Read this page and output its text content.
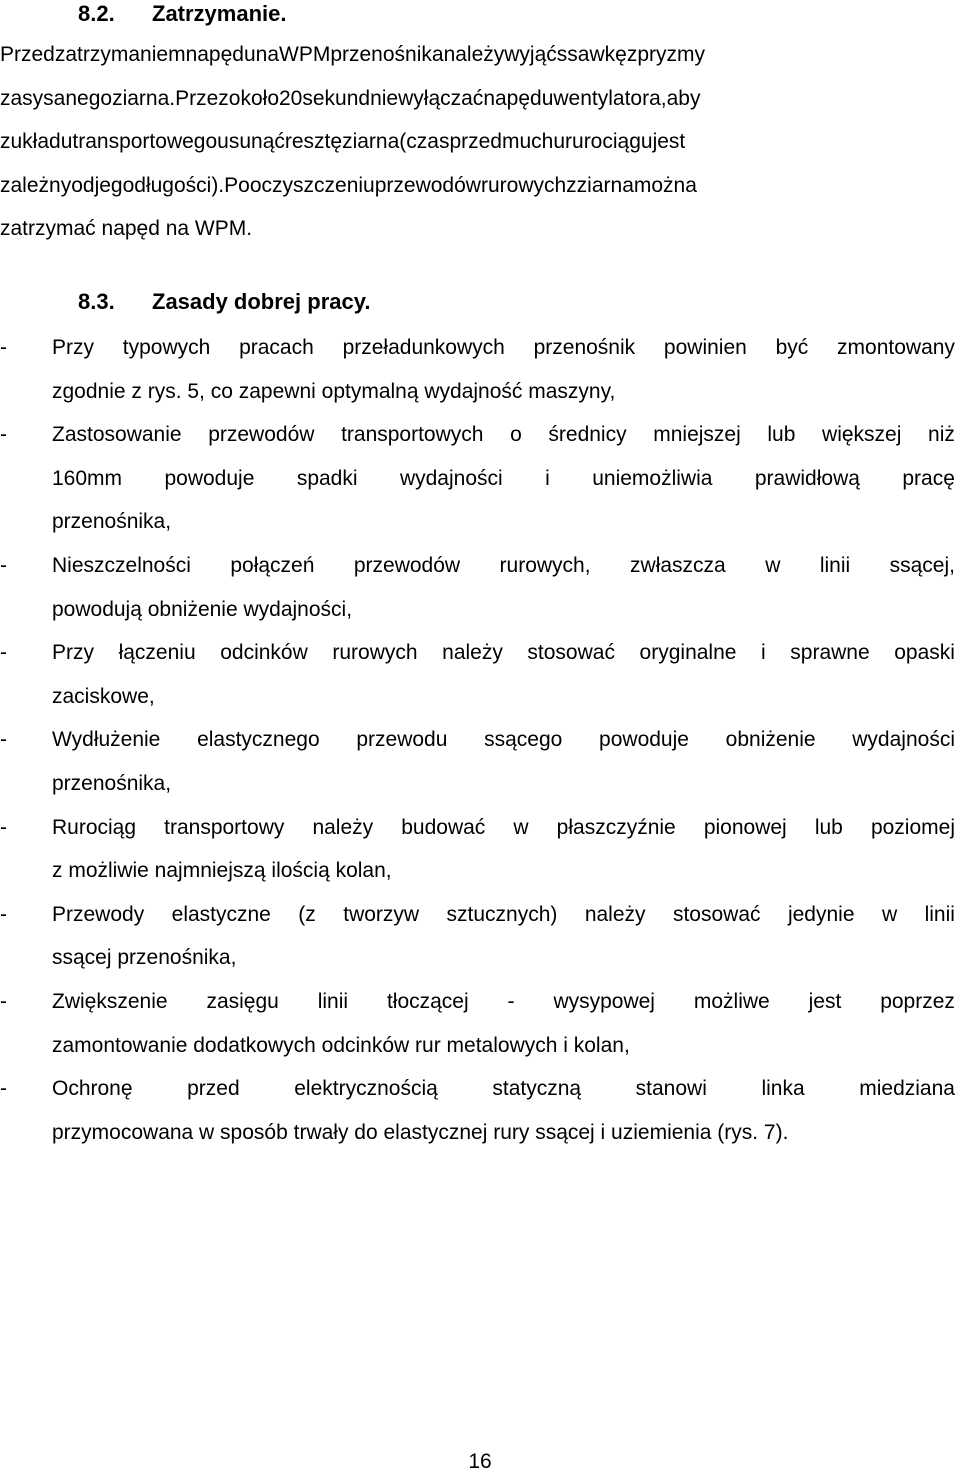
8.2. Zatrzymanie.
PrzedzatrzymaniemnapędunaWPMprzenośnikanależywyjąćssawkęzpryzmy
zasysanegoziarna.Przezokoło20sekundniewyłączaćnapęduwentylatora,aby
zukładutransportowegousunąćresztęziarna(czasprzedmuchururociągujest
zależnyodjegodługości).Pooczyszczeniuprzewodówrurowychzziarnamożna
zatrzymać napęd na WPM.
8.3. Zasady dobrej pracy.
- Przy typowych pracach przeładunkowych przenośnik powinien być zmontowany
zgodnie z rys. 5, co zapewni optymalną wydajność maszyny,
- Zastosowanie przewodów transportowych o średnicy mniejszej lub większej niż
160mm powoduje spadki wydajności i uniemożliwia prawidłową pracę
przenośnika,
- Nieszczelności połączeń przewodów rurowych, zwłaszcza w linii ssącej,
powodują obniżenie wydajności,
- Przy łączeniu odcinków rurowych należy stosować oryginalne i sprawne opaski
zaciskowe,
- Wydłużenie elastycznego przewodu ssącego powoduje obniżenie wydajności
przenośnika,
- Rurociąg transportowy należy budować w płaszczyźnie pionowej lub poziomej
z możliwie najmniejszą ilością kolan,
- Przewody elastyczne (z tworzyw sztucznych) należy stosować jedynie w linii
ssącej przenośnika,
- Zwiększenie zasięgu linii tłoczącej - wysypowej możliwe jest poprzez
zamontowanie dodatkowych odcinków rur metalowych i kolan,
- Ochronę	przed	elektrycznością	statyczną	stanowi	linka	miedziana
przymocowana w sposób trwały do elastycznej rury ssącej i uziemienia (rys. 7).
16
